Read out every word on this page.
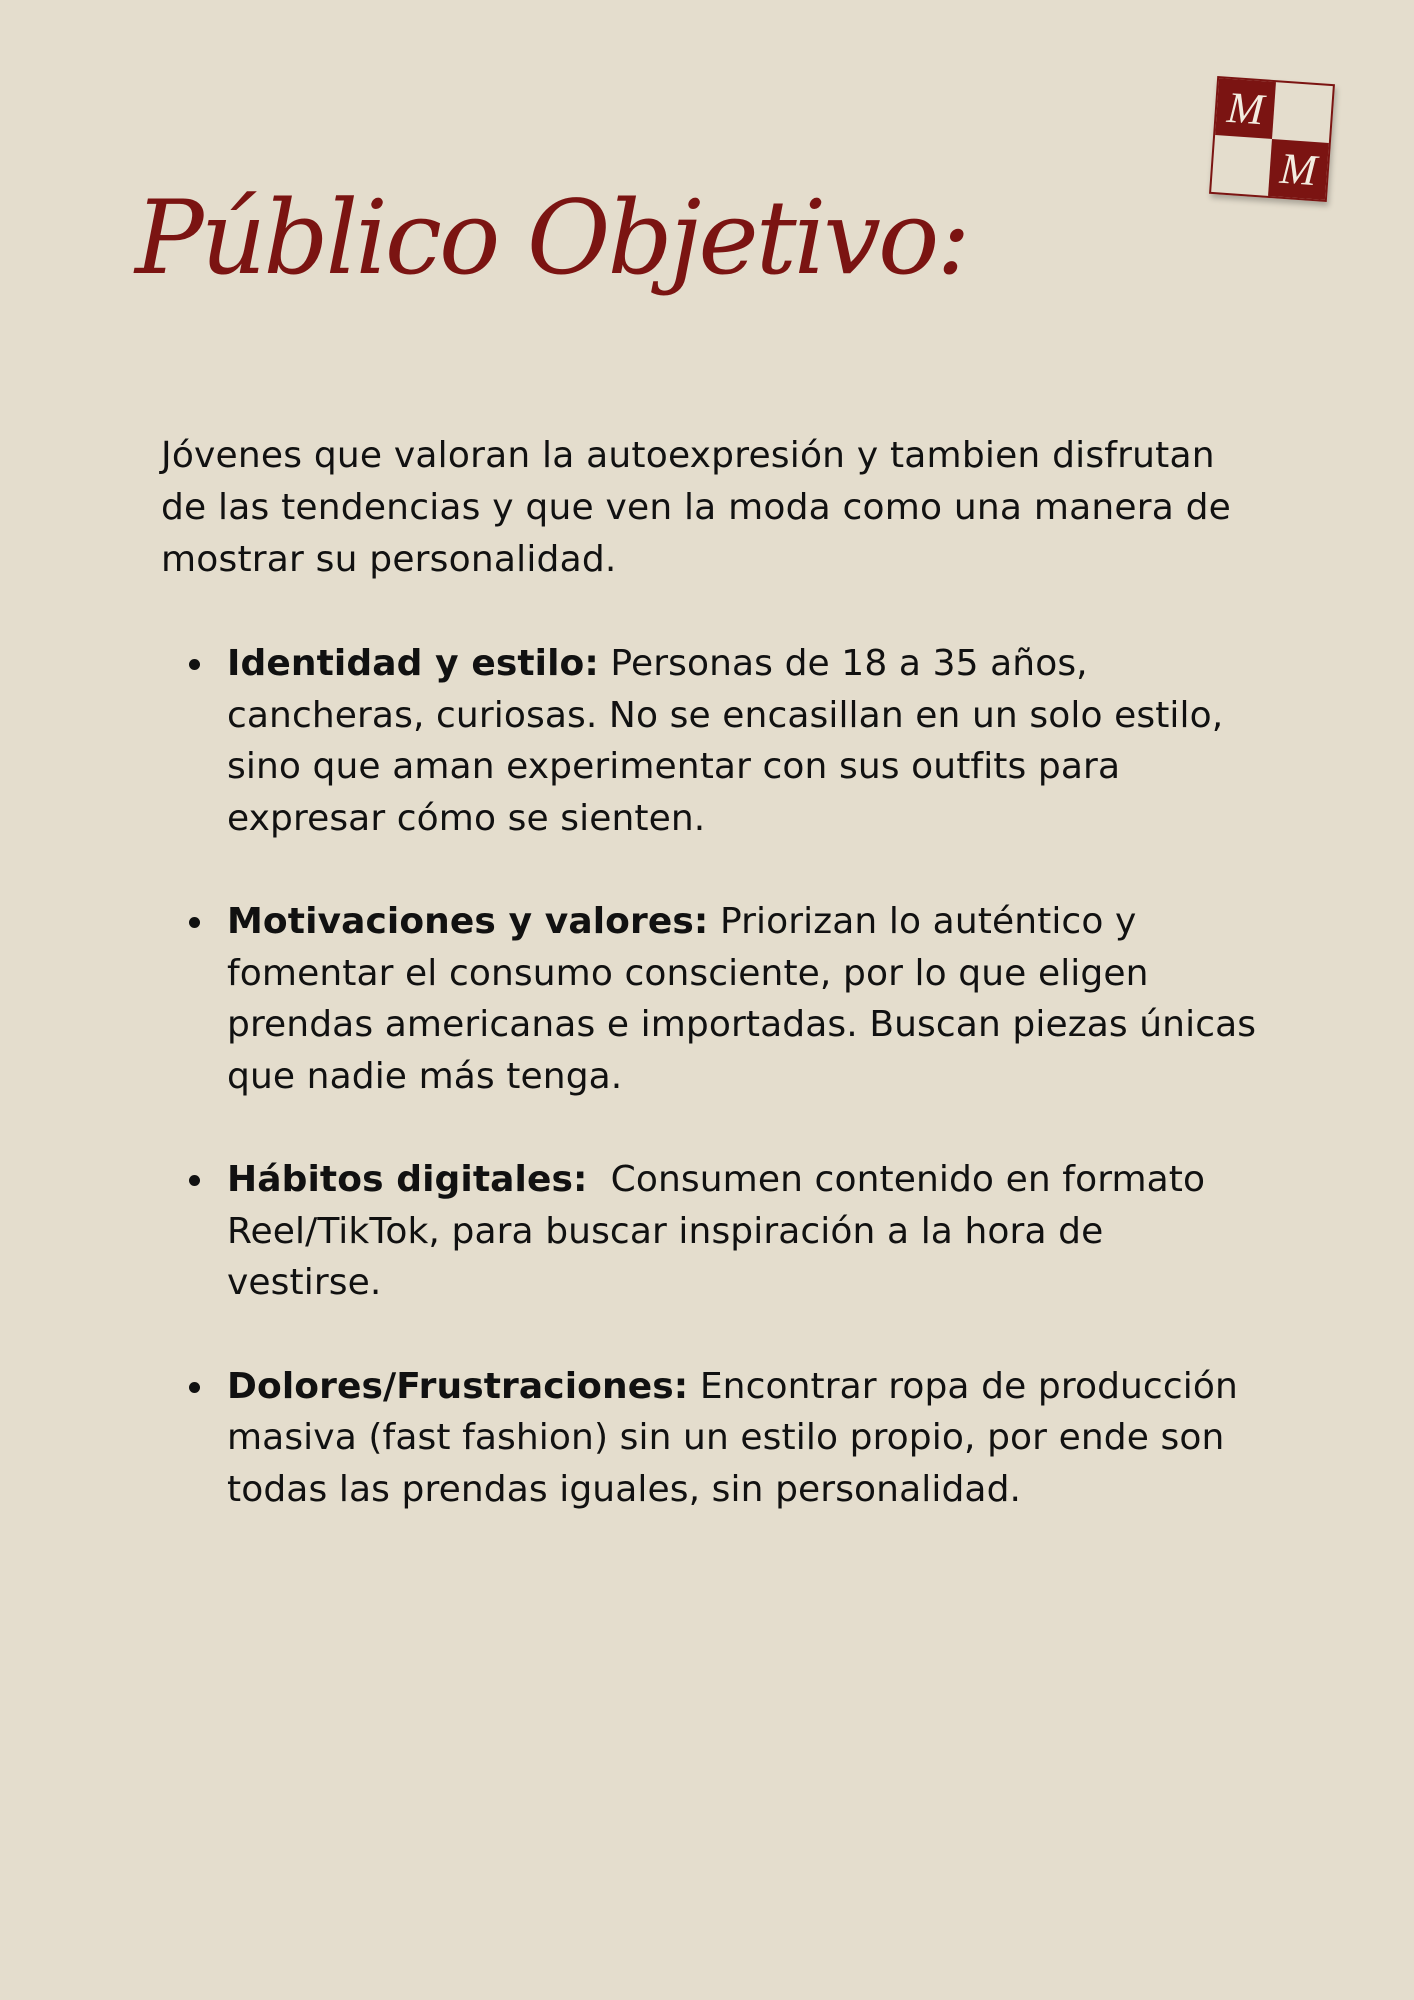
M
M
Público Objetivo:

Jóvenes que valoran la autoexpresión y tambien disfrutan de las tendencias y que ven la moda como una manera de mostrar su personalidad.

Identidad y estilo: Personas de 18 a 35 años, cancheras, curiosas. No se encasillan en un solo estilo, sino que aman experimentar con sus outfits para expresar cómo se sienten.
Motivaciones y valores: Priorizan lo auténtico y fomentar el consumo consciente, por lo que eligen prendas americanas e importadas. Buscan piezas únicas que nadie más tenga.
Hábitos digitales:  Consumen contenido en formato Reel/TikTok, para buscar inspiración a la hora de vestirse.
Dolores/Frustraciones: Encontrar ropa de producción masiva (fast fashion) sin un estilo propio, por ende son todas las prendas iguales, sin personalidad.
